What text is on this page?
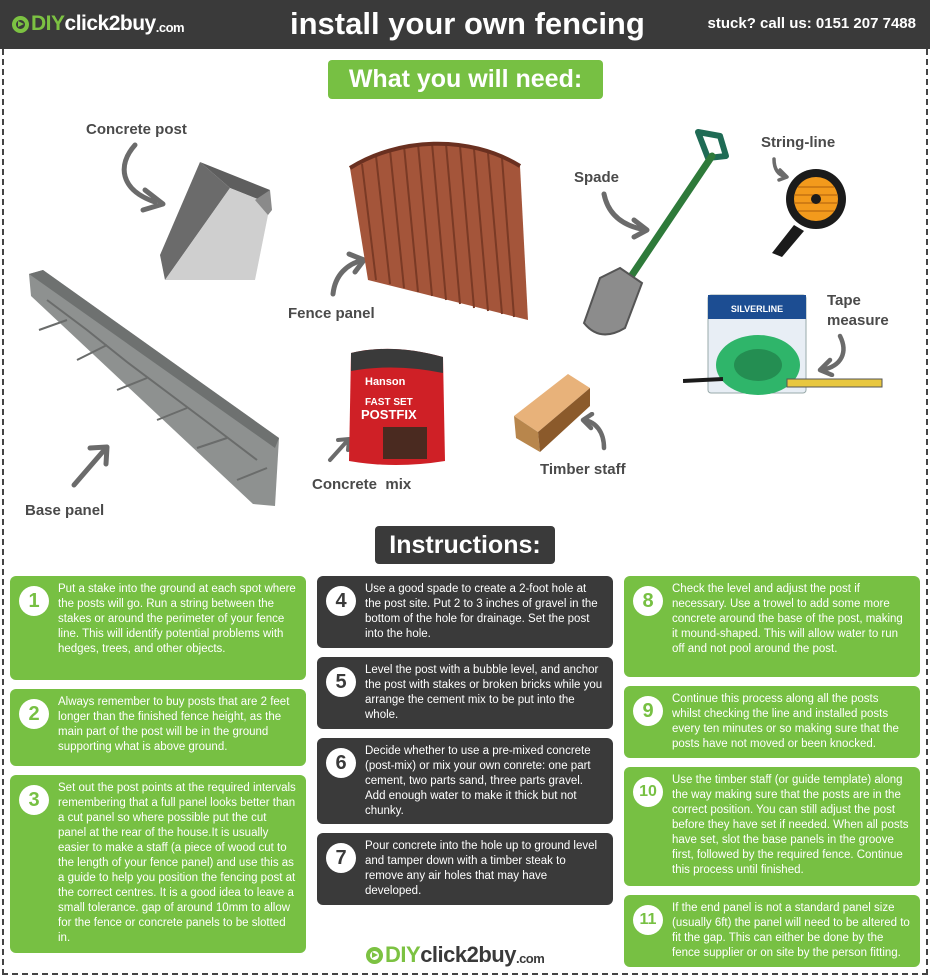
DIY click2buy .com	install your own fencing	stuck? call us: 0151 207 7488
What you will need:
Concrete post
Fence panel
Spade
String-line
Tape
measure
Base panel
Concrete  mix
Timber staff
SILVERLINE
Hanson
FAST SET
POSTFIX
Instructions:
1
Put a stake into the ground at each spot where the posts will go. Run a string between the stakes or around the perimeter of your fence line. This will identify potential problems with hedges, trees, and other objects.
2
Always remember to buy posts that are 2 feet longer than the finished fence height, as the main part of the post will be in the ground supporting what is above ground.
3
Set out the post points at the required intervals remembering that a full panel looks better than a cut panel so where possible put the cut panel at the rear of the house.It is usually easier to make a staff (a piece of wood cut to the length of your fence panel) and use this as a guide to help you position the fencing post at the correct centres. It is a good idea to leave a small tolerance. gap of around 10mm to allow for the fence or concrete panels to be slotted in.
4
Use a good spade to create a 2-foot hole at the post site. Put 2 to 3 inches of gravel in the bottom of the hole for drainage. Set the post into the hole.
5
Level the post with a bubble level, and anchor the post with stakes or broken bricks while you arrange the cement mix to be put into the whole.
6
Decide whether to use a pre-mixed concrete (post-mix) or mix your own conrete: one part cement, two parts sand, three parts gravel. Add enough water to make it thick but not chunky.
7
Pour concrete into the hole up to ground level and tamper down with a timber steak to remove any air holes that may have developed.
8
Check the level and adjust the post if necessary. Use a trowel to add some more concrete around the base of the post, making it mound-shaped. This will allow water to run off and not pool around the post.
9
Continue this process along all the posts whilst checking the line and installed posts every ten minutes or so making sure that the posts have not moved or been knocked.
10
Use the timber staff (or guide template) along the way making sure that the posts are in the correct position. You can still adjust the post before they have set if needed. When all posts have set, slot the base panels in the groove first, followed by the required fence. Continue this process until finished.
11
If the end panel is not a standard panel size (usually 6ft) the panel will need to be altered to fit the gap. This can either be done by the fence supplier or on site by the person fitting.
DIY click2buy .com
